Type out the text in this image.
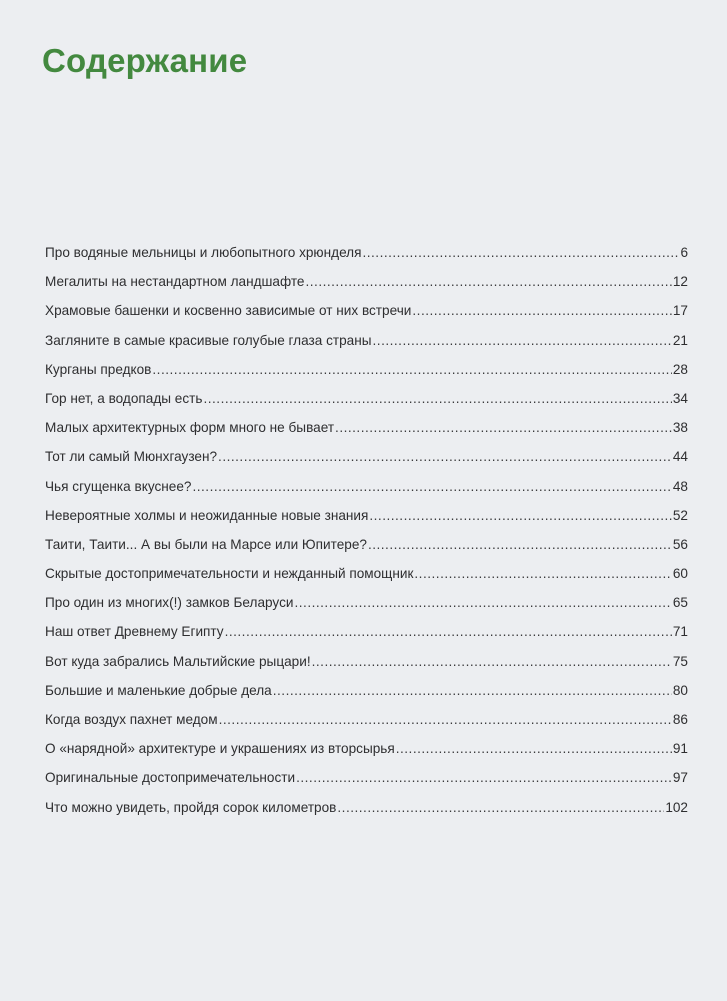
Содержание
Про водяные мельницы и любопытного хрюнделя .....	6
Мегалиты на нестандартном ландшафте .....	12
Храмовые башенки и косвенно зависимые от них встречи .....	17
Загляните в самые красивые голубые глаза страны .....	21
Курганы предков .....	28
Гор нет, а водопады есть .....	34
Малых архитектурных форм много не бывает .....	38
Тот ли самый Мюнхгаузен? .....	44
Чья сгущенка вкуснее? .....	48
Невероятные холмы и неожиданные новые знания .....	52
Таити, Таити... А вы были на Марсе или Юпитере? .....	56
Скрытые достопримечательности и нежданный помощник .....	60
Про один из многих(!) замков Беларуси .....	65
Наш ответ Древнему Египту .....	71
Вот куда забрались Мальтийские рыцари! .....	75
Большие и маленькие добрые дела .....	80
Когда воздух пахнет медом .....	86
О «нарядной» архитектуре и украшениях из вторсырья .....	91
Оригинальные достопримечательности .....	97
Что можно увидеть, пройдя сорок километров .....	102
